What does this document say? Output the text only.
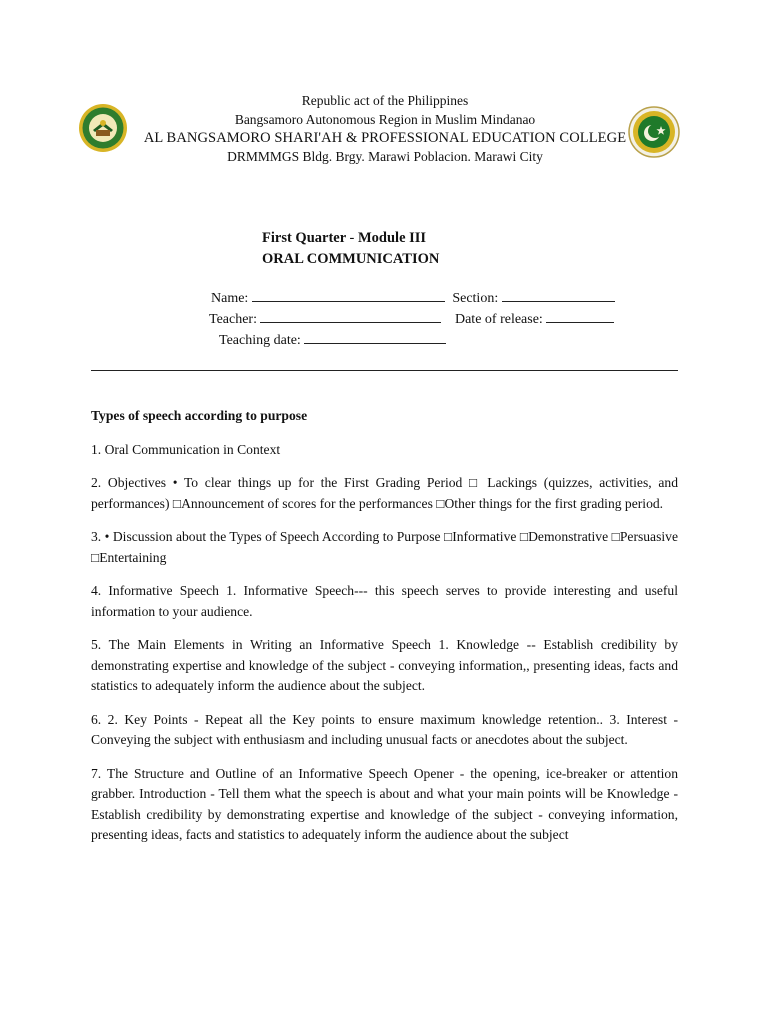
Republic act of the Philippines
Bangsamoro Autonomous Region in Muslim Mindanao
AL BANGSAMORO SHARI'AH & PROFESSIONAL EDUCATION COLLEGE
DRMMMGS Bldg. Brgy. Marawi Poblacion. Marawi City
First Quarter - Module III
ORAL COMMUNICATION
Name:	Section:
Teacher:	Date of release:
Teaching date:
Types of speech according to purpose

1. Oral Communication in Context

2. Objectives • To clear things up for the First Grading Period □ Lackings (quizzes, activities, and performances) □Announcement of scores for the performances □Other things for the first grading period.

3. • Discussion about the Types of Speech According to Purpose □Informative □Demonstrative □Persuasive □Entertaining

4. Informative Speech 1. Informative Speech--- this speech serves to provide interesting and useful information to your audience.

5. The Main Elements in Writing an Informative Speech 1. Knowledge -- Establish credibility by demonstrating expertise and knowledge of the subject - conveying information,, presenting ideas, facts and statistics to adequately inform the audience about the subject.

6. 2. Key Points - Repeat all the Key points to ensure maximum knowledge retention.. 3. Interest - Conveying the subject with enthusiasm and including unusual facts or anecdotes about the subject.

7. The Structure and Outline of an Informative Speech Opener - the opening, ice-breaker or attention grabber. Introduction - Tell them what the speech is about and what your main points will be Knowledge - Establish credibility by demonstrating expertise and knowledge of the subject - conveying information, presenting ideas, facts and statistics to adequately inform the audience about the subject
